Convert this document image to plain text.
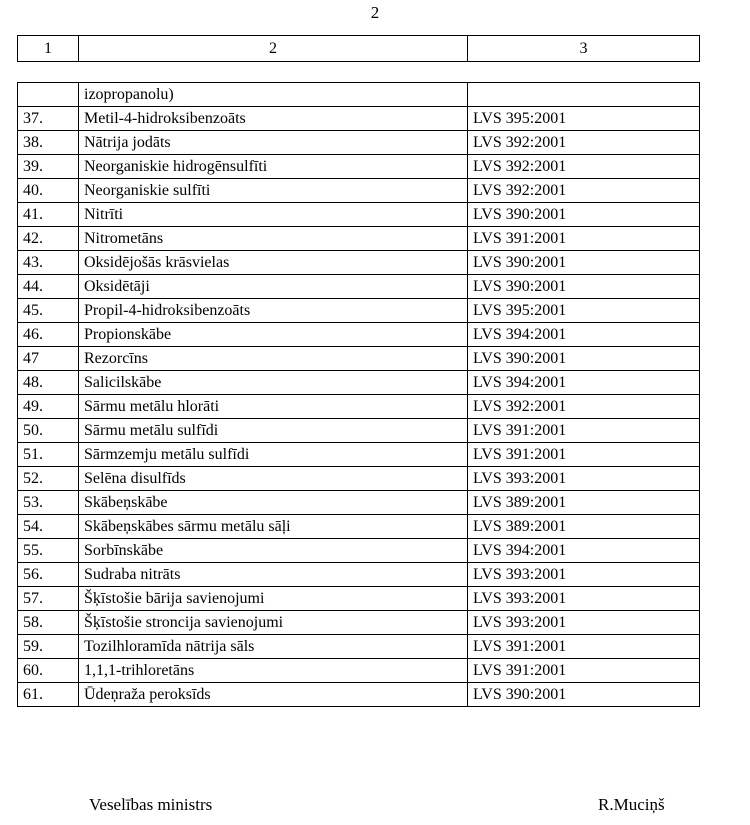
2
1	2	3
	izopropanolu)	
37.	Metil-4-hidroksibenzoāts	LVS 395:2001
38.	Nātrija jodāts	LVS 392:2001
39.	Neorganiskie hidrogēnsulfīti	LVS 392:2001
40.	Neorganiskie sulfīti	LVS 392:2001
41.	Nitrīti	LVS 390:2001
42.	Nitrometāns	LVS 391:2001
43.	Oksidējošās krāsvielas	LVS 390:2001
44.	Oksidētāji	LVS 390:2001
45.	Propil-4-hidroksibenzoāts	LVS 395:2001
46.	Propionskābe	LVS 394:2001
47	Rezorcīns	LVS 390:2001
48.	Salicilskābe	LVS 394:2001
49.	Sārmu metālu hlorāti	LVS 392:2001
50.	Sārmu metālu sulfīdi	LVS 391:2001
51.	Sārmzemju metālu sulfīdi	LVS 391:2001
52.	Selēna disulfīds	LVS 393:2001
53.	Skābeņskābe	LVS 389:2001
54.	Skābeņskābes sārmu metālu sāļi	LVS 389:2001
55.	Sorbīnskābe	LVS 394:2001
56.	Sudraba nitrāts	LVS 393:2001
57.	Šķīstošie bārija savienojumi	LVS 393:2001
58.	Šķīstošie stroncija savienojumi	LVS 393:2001
59.	Tozilhloramīda nātrija sāls	LVS 391:2001
60.	1,1,1-trihloretāns	LVS 391:2001
61.	Ūdeņraža peroksīds	LVS 390:2001
Veselības ministrs	R.Muciņš
